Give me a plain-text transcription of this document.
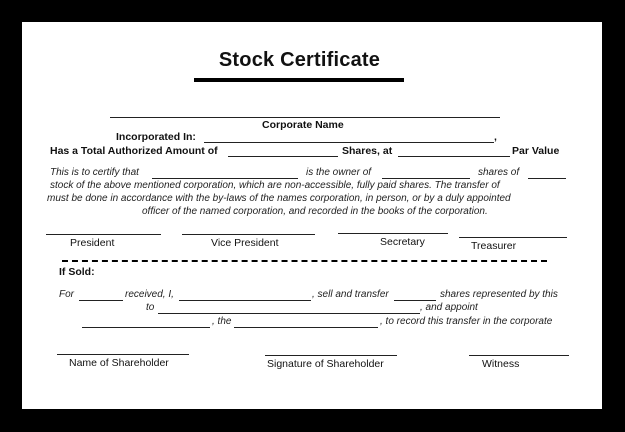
Stock Certificate
Corporate Name
Incorporated In:	,
Has a Total Authorized Amount of	Shares, at	Par Value
This is to certify that	is the owner of	shares of
stock of the above mentioned corporation, which are non-accessible, fully paid shares. The transfer of
must be done in accordance with the by-laws of the names corporation, in person, or by a duly appointed
officer of the named corporation, and recorded in the books of the corporation.
President	Vice President	Secretary	Treasurer
If Sold:
For	received, I,	, sell and transfer	shares represented by this
to	, and appoint
, the	, to record this transfer in the corporate
Name of Shareholder	Signature of Shareholder	Witness
